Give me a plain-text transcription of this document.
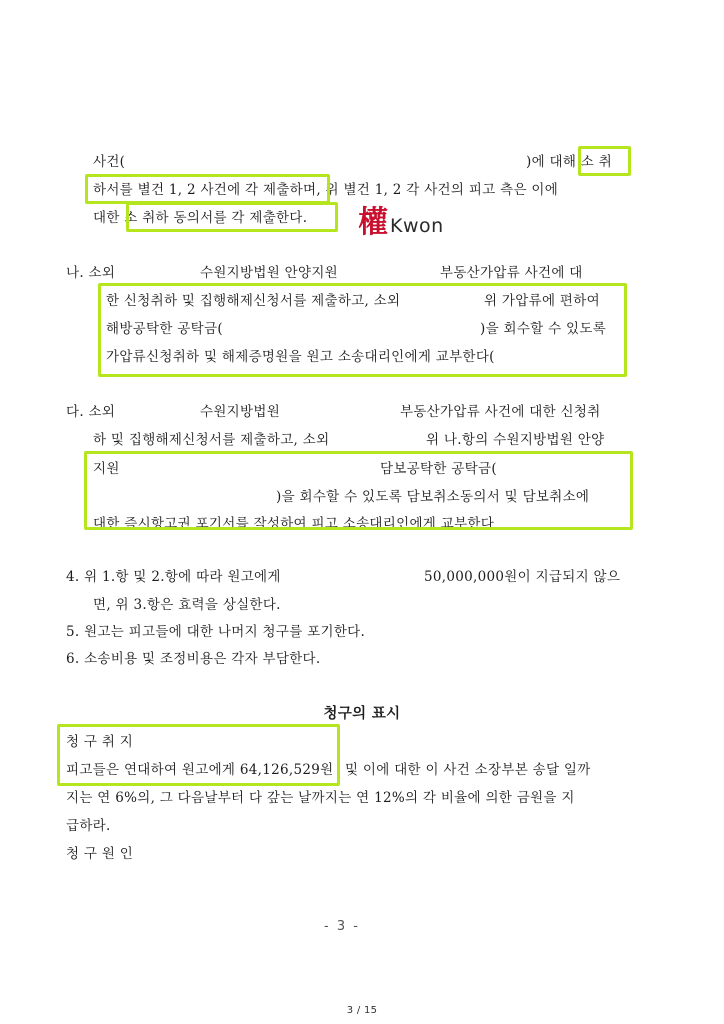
사건(	)에 대해 소 취
하서를 별건 1, 2 사건에 각 제출하며, 위 별건 1, 2 각 사건의 피고 측은 이에
대한 소 취하 동의서를 각 제출한다. 權 Kwon
나. 소외	수원지방법원 안양지원	부동산가압류 사건에 대
한 신청취하 및 집행해제신청서를 제출하고, 소외	위 가압류에 편하여
해방공탁한 공탁금(	)을 회수할 수 있도록
가압류신청취하 및 해제증명원을 원고 소송대리인에게 교부한다(
다. 소외	수원지방법원	부동산가압류 사건에 대한 신청취
하 및 집행해제신청서를 제출하고, 소외	위 나.항의 수원지방법원 안양
지원	담보공탁한 공탁금(
)을 회수할 수 있도록 담보취소동의서 및 담보취소에
대한 즉시항고권 포기서를 작성하여 피고 소송대리인에게 교부한다
4. 위 1.항 및 2.항에 따라 원고에게	50,000,000원이 지급되지 않으
면, 위 3.항은 효력을 상실한다.
5. 원고는 피고들에 대한 나머지 청구를 포기한다.
6. 소송비용 및 조정비용은 각자 부담한다.
청구의 표시
청 구 취 지
피고들은 연대하여 원고에게 64,126,529원 및 이에 대한 이 사건 소장부본 송달 일까
지는 연 6%의, 그 다음날부터 다 갚는 날까지는 연 12%의 각 비율에 의한 금원을 지
급하라.
청 구 원 인
- 3 -
3 / 15
